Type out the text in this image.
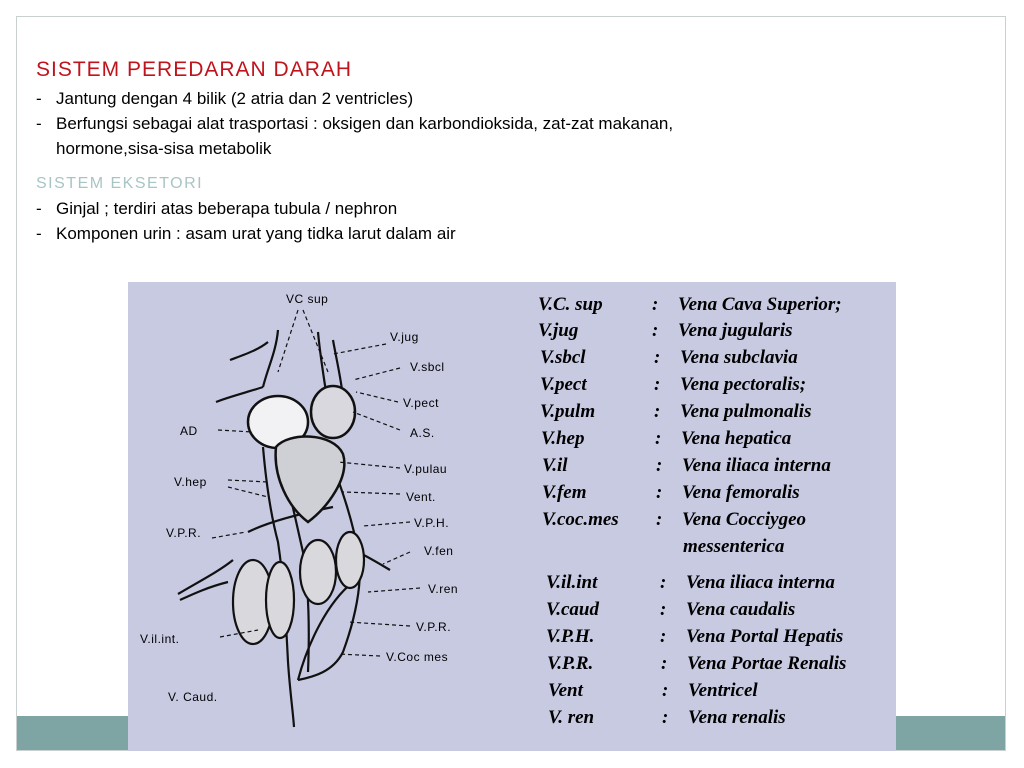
SISTEM PEREDARAN DARAH
- Jantung dengan 4 bilik (2 atria dan 2 ventricles)
- Berfungsi sebagai alat trasportasi : oksigen dan karbondioksida, zat-zat makanan,
hormone,sisa-sisa metabolik
SISTEM EKSETORI
- Ginjal ; terdiri atas beberapa tubula / nephron
- Komponen urin : asam urat yang tidka larut dalam air
VC sup
V.jug
V.sbcl
V.pect
A.S.
AD
V.pulau
V.hep
Vent.
V.P.H.
V.P.R.
V.fen
V.ren
V.P.R.
V.il.int.
V.Coc mes
V. Caud.
V.C. sup	: Vena Cava Superior;
V.jug	: Vena jugularis
V.sbcl	: Vena subclavia
V.pect	: Vena pectoralis;
V.pulm	: Vena pulmonalis
V.hep	: Vena hepatica
V.il	: Vena iliaca interna
V.fem	: Vena femoralis
V.coc.mes : Vena Cocciygeo
messenterica
V.il.int	: Vena iliaca interna
V.caud	: Vena caudalis
V.P.H.	: Vena Portal Hepatis
V.P.R.	: Vena Portae Renalis
Vent	: Ventricel
V. ren	: Vena renalis
